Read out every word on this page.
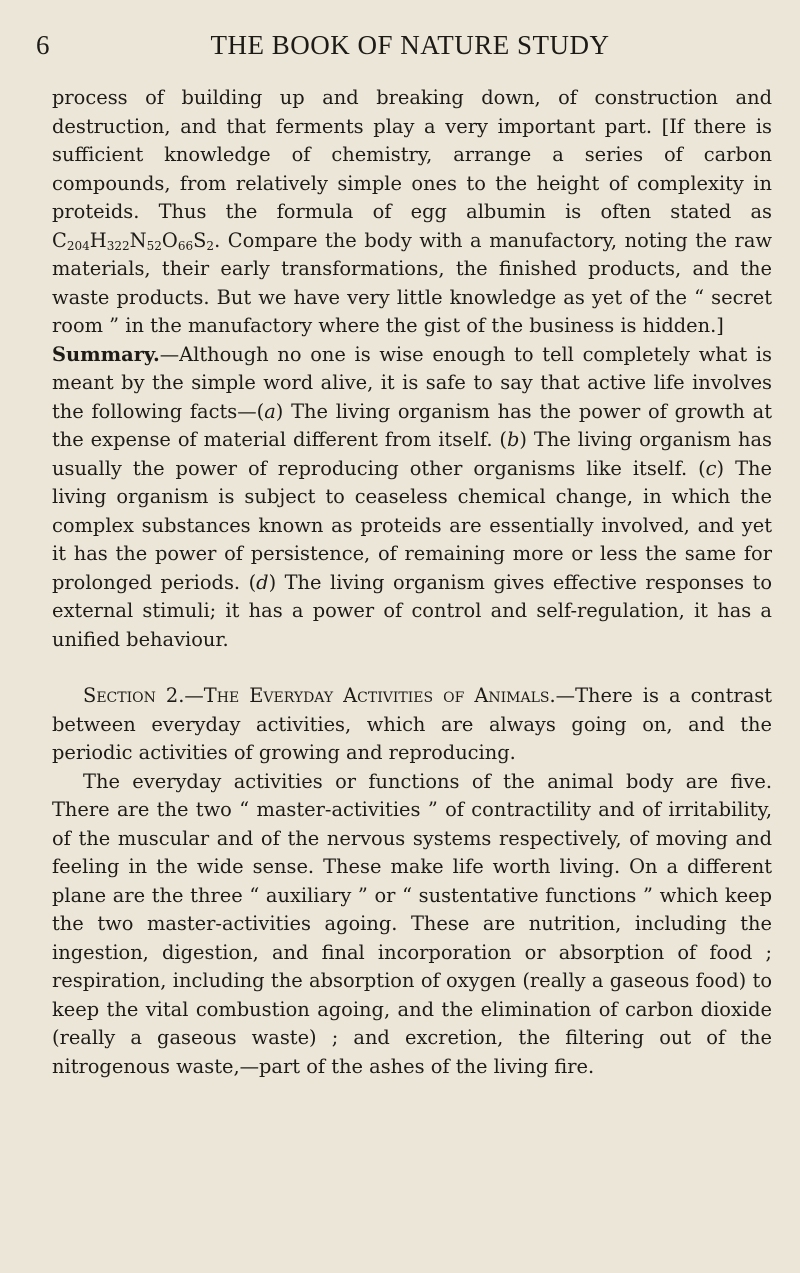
6	THE BOOK OF NATURE STUDY

process of building up and breaking down, of construction and destruction, and that ferments play a very important part. [If there is sufficient knowledge of chemistry, arrange a series of carbon compounds, from relatively simple ones to the height of complexity in proteids. Thus the formula of egg albumin is often stated as $C_{204}H_{322}N_{52}O_{66}S_2$. Compare the body with a manufactory, noting the raw materials, their early transformations, the finished products, and the waste products. But we have very little knowledge as yet of the “ secret room ” in the manufactory where the gist of the business is hidden.]

Summary.—Although no one is wise enough to tell completely what is meant by the simple word alive, it is safe to say that active life involves the following facts—(a) The living organism has the power of growth at the expense of material different from itself. (b) The living organism has usually the power of reproducing other organisms like itself. (c) The living organism is subject to ceaseless chemical change, in which the complex substances known as proteids are essentially involved, and yet it has the power of persistence, of remaining more or less the same for prolonged periods. (d) The living organism gives effective responses to external stimuli; it has a power of control and self-regulation, it has a unified behaviour.

Section 2.—The Everyday Activities of Animals.—There is a contrast between everyday activities, which are always going on, and the periodic activities of growing and reproducing.

The everyday activities or functions of the animal body are five. There are the two “ master-activities ” of contractility and of irritability, of the muscular and of the nervous systems respectively, of moving and feeling in the wide sense. These make life worth living. On a different plane are the three “ auxiliary ” or “ sustentative functions ” which keep the two master-activities agoing. These are nutrition, including the ingestion, digestion, and final incorporation or absorption of food ; respiration, including the absorption of oxygen (really a gaseous food) to keep the vital combustion agoing, and the elimination of carbon dioxide (really a gaseous waste) ; and excretion, the filtering out of the nitrogenous waste,—part of the ashes of the living fire.
